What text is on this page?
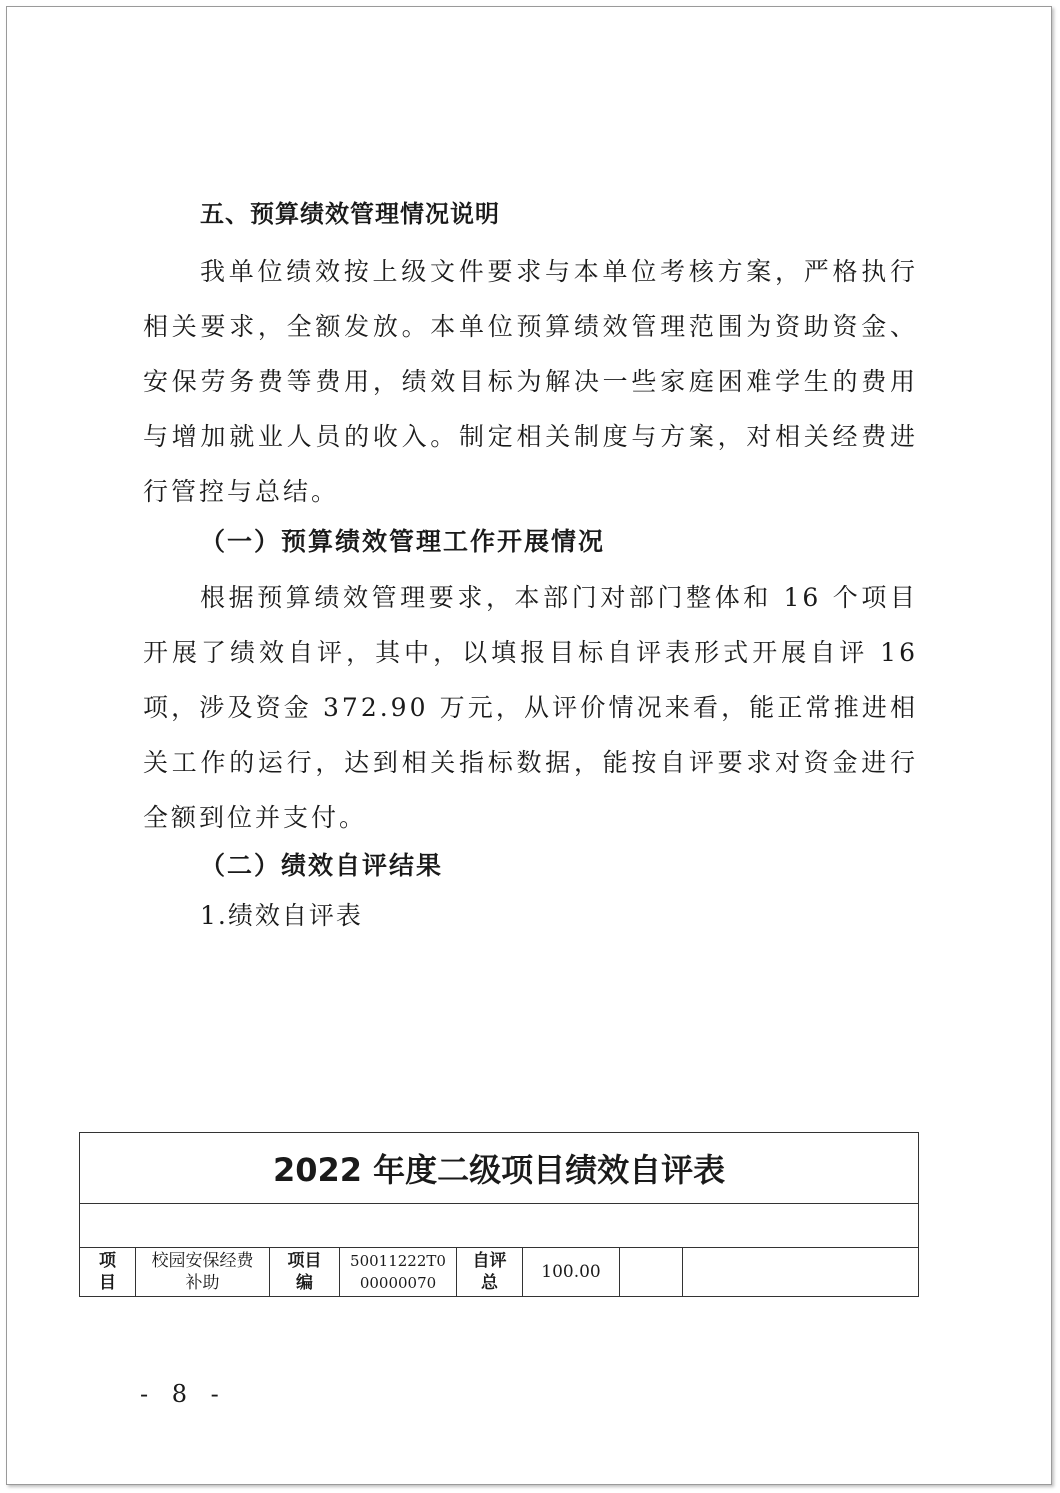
五、预算绩效管理情况说明

我单位绩效按上级文件要求与本单位考核方案，严格执行相关要求，全额发放。本单位预算绩效管理范围为资助资金、安保劳务费等费用，绩效目标为解决一些家庭困难学生的费用与增加就业人员的收入。制定相关制度与方案，对相关经费进行管控与总结。

（一）预算绩效管理工作开展情况

根据预算绩效管理要求，本部门对部门整体和 16 个项目开展了绩效自评，其中，以填报目标自评表形式开展自评 16 项，涉及资金 372.90 万元，从评价情况来看，能正常推进相关工作的运行，达到相关指标数据，能按自评要求对资金进行全额到位并支付。

（二）绩效自评结果
1.绩效自评表
2022 年度二级项目绩效自评表

项目	校园安保经费补助	项目编	50011222T000000070	自评总	100.00		
- 8 -
